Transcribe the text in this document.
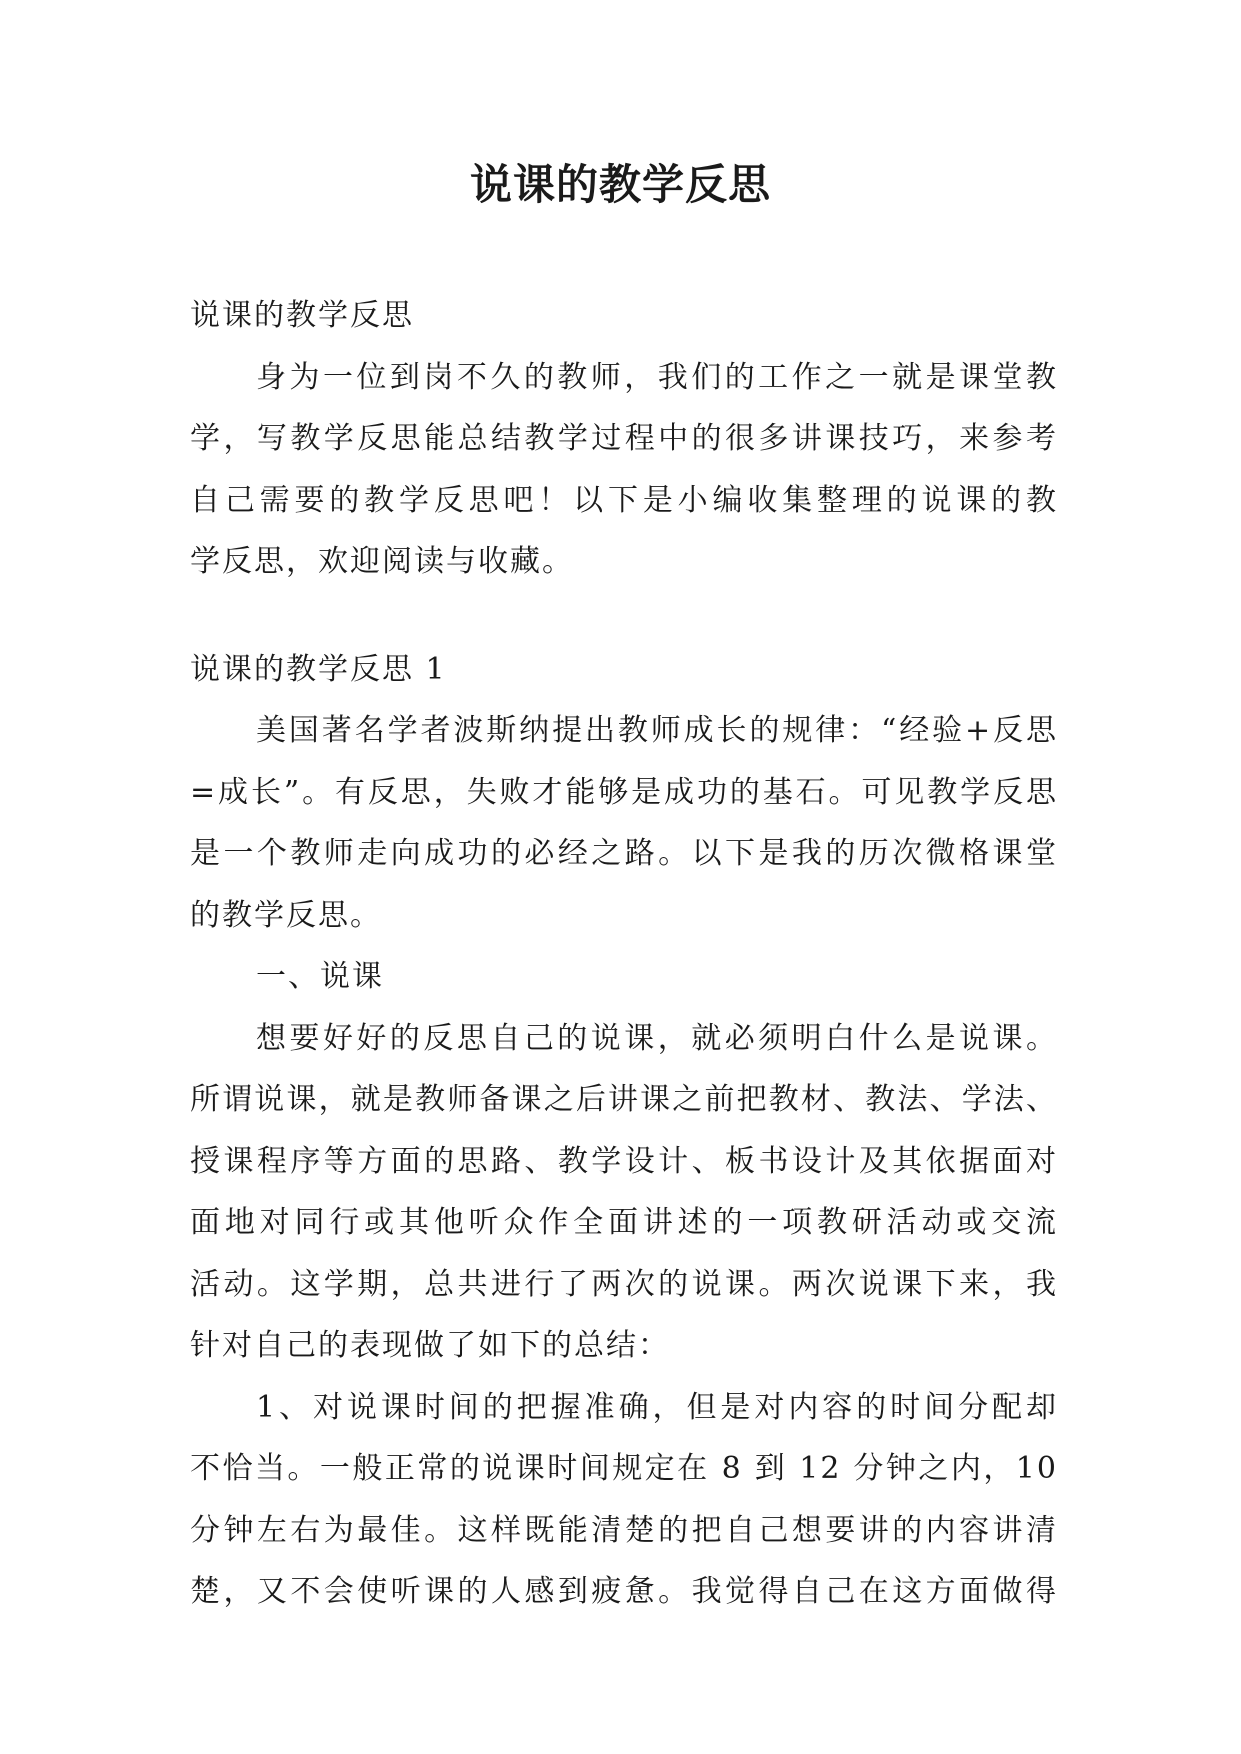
说课的教学反思
说课的教学反思
身为一位到岗不久的教师，我们的工作之一就是课堂教
学，写教学反思能总结教学过程中的很多讲课技巧，来参考
自己需要的教学反思吧！以下是小编收集整理的说课的教
学反思，欢迎阅读与收藏。
说课的教学反思 1
美国著名学者波斯纳提出教师成长的规律：“经验+反思
=成长”。有反思，失败才能够是成功的基石。可见教学反思
是一个教师走向成功的必经之路。以下是我的历次微格课堂
的教学反思。
一、说课
想要好好的反思自己的说课，就必须明白什么是说课。
所谓说课，就是教师备课之后讲课之前把教材、教法、学法、
授课程序等方面的思路、教学设计、板书设计及其依据面对
面地对同行或其他听众作全面讲述的一项教研活动或交流
活动。这学期，总共进行了两次的说课。两次说课下来，我
针对自己的表现做了如下的总结：
1、对说课时间的把握准确，但是对内容的时间分配却
不恰当。一般正常的说课时间规定在 8 到 12 分钟之内，10
分钟左右为最佳。这样既能清楚的把自己想要讲的内容讲清
楚，又不会使听课的人感到疲惫。我觉得自己在这方面做得
